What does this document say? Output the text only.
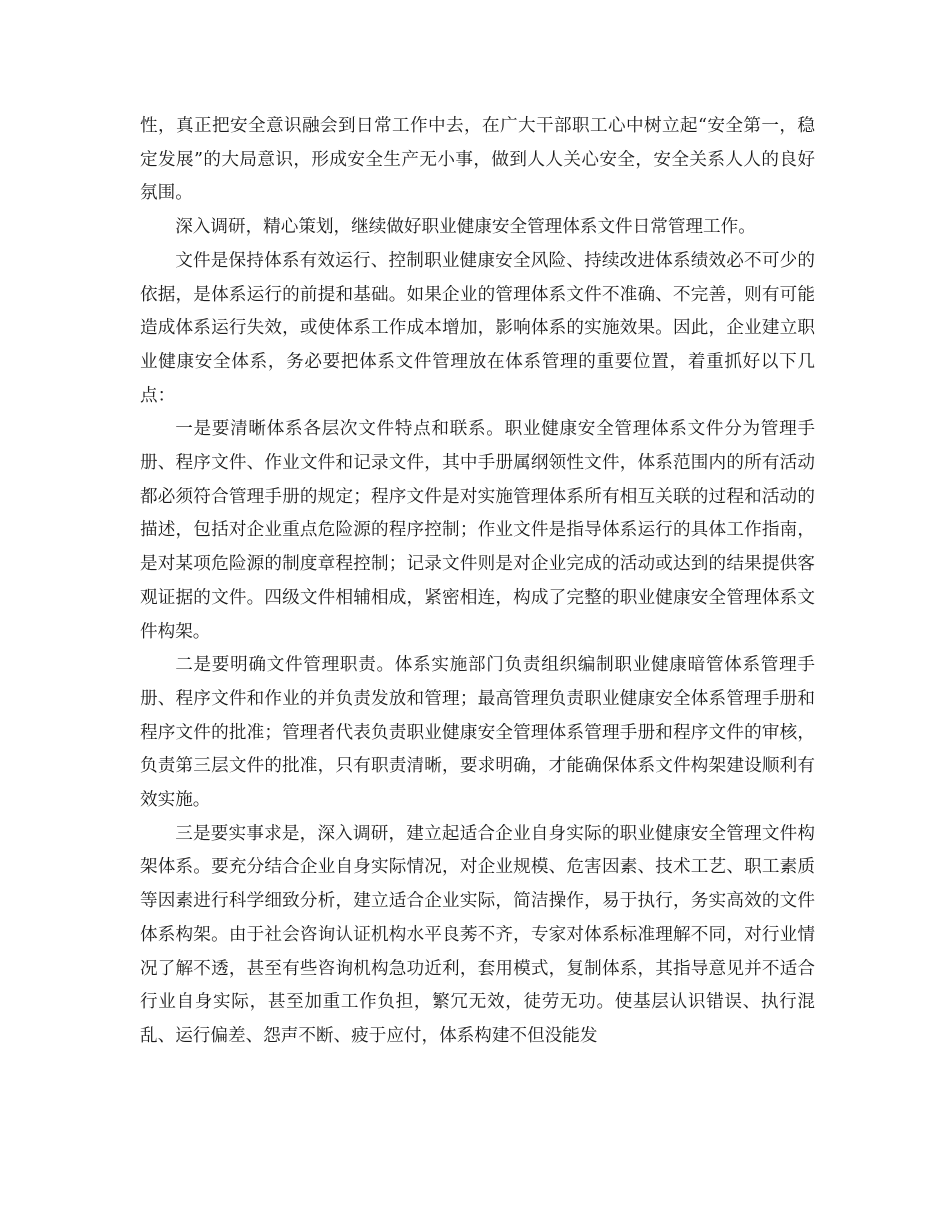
性，真正把安全意识融会到日常工作中去，在广大干部职工心中树立起“安全第一，稳定发展”的大局意识，形成安全生产无小事，做到人人关心安全，安全关系人人的良好氛围。

深入调研，精心策划，继续做好职业健康安全管理体系文件日常管理工作。

文件是保持体系有效运行、控制职业健康安全风险、持续改进体系绩效必不可少的依据，是体系运行的前提和基础。如果企业的管理体系文件不准确、不完善，则有可能造成体系运行失效，或使体系工作成本增加，影响体系的实施效果。因此，企业建立职业健康安全体系，务必要把体系文件管理放在体系管理的重要位置，着重抓好以下几点：

一是要清晰体系各层次文件特点和联系。职业健康安全管理体系文件分为管理手册、程序文件、作业文件和记录文件，其中手册属纲领性文件，体系范围内的所有活动都必须符合管理手册的规定；程序文件是对实施管理体系所有相互关联的过程和活动的描述，包括对企业重点危险源的程序控制；作业文件是指导体系运行的具体工作指南，是对某项危险源的制度章程控制；记录文件则是对企业完成的活动或达到的结果提供客观证据的文件。四级文件相辅相成，紧密相连，构成了完整的职业健康安全管理体系文件构架。

二是要明确文件管理职责。体系实施部门负责组织编制职业健康暗管体系管理手册、程序文件和作业的并负责发放和管理；最高管理负责职业健康安全体系管理手册和程序文件的批准；管理者代表负责职业健康安全管理体系管理手册和程序文件的审核，负责第三层文件的批准，只有职责清晰，要求明确，才能确保体系文件构架建设顺利有效实施。

三是要实事求是，深入调研，建立起适合企业自身实际的职业健康安全管理文件构架体系。要充分结合企业自身实际情况，对企业规模、危害因素、技术工艺、职工素质等因素进行科学细致分析，建立适合企业实际，简洁操作，易于执行，务实高效的文件体系构架。由于社会咨询认证机构水平良莠不齐，专家对体系标准理解不同，对行业情况了解不透，甚至有些咨询机构急功近利，套用模式，复制体系，其指导意见并不适合行业自身实际，甚至加重工作负担，繁冗无效，徒劳无功。使基层认识错误、执行混乱、运行偏差、怨声不断、疲于应付，体系构建不但没能发
